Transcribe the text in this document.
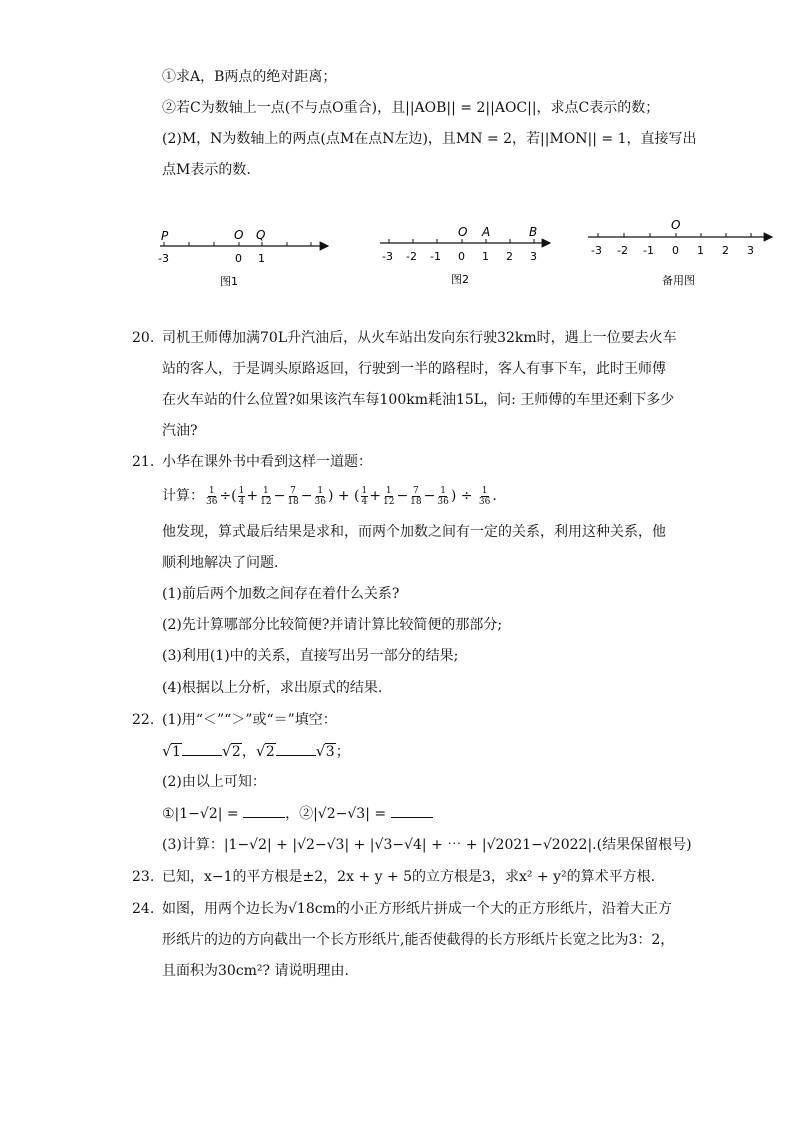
①求A，B两点的绝对距离；
②若C为数轴上一点(不与点O重合)，且||AOB|| = 2||AOC||，求点C表示的数；
(2)M，N为数轴上的两点(点M在点N左边)，且MN = 2，若||MON|| = 1，直接写出
点M表示的数.
P	O Q
-3	0 1
图1
O A	B
-3 -2 -1 0 1 2 3
图2
O
-3 -2 -1 0 1 2 3
备用图
20. 司机王师傅加满70L升汽油后，从火车站出发向东行驶32km时，遇上一位要去火车
站的客人，于是调头原路返回，行驶到一半的路程时，客人有事下车，此时王师傅
在火车站的什么位置?如果该汽车每100km耗油15L，问: 王师傅的车里还剩下多少
汽油?
21. 小华在课外书中看到这样一道题：
计算： $\frac{1}{36}$ ÷( $\frac{1}{4} + \frac{1}{12} - \frac{7}{18} - \frac{1}{36}$ ) + ( $\frac{1}{4} + \frac{1}{12} - \frac{7}{18} - \frac{1}{36}$ ) ÷ $\frac{1}{36}$ .
他发现，算式最后结果是求和，而两个加数之间有一定的关系，利用这种关系，他
顺利地解决了问题.
(1)前后两个加数之间存在着什么关系?
(2)先计算哪部分比较简便?并请计算比较简便的那部分;
(3)利用(1)中的关系，直接写出另一部分的结果;
(4)根据以上分析，求出原式的结果.
22. (1)用“＜”“＞”或“＝”填空：
√ 1	√ 2， √ 2	√ 3；
(2)由以上可知：
①|1−√2| =	，②|√2−√3| =
(3)计算：|1−√2| + |√2−√3| + |√3−√4| + ⋯ + |√2021−√2022|.(结果保留根号)
23. 已知，x−1的平方根是±2，2x + y + 5的立方根是3，求x² + y²的算术平方根.
24. 如图，用两个边长为√18cm的小正方形纸片拼成一个大的正方形纸片，沿着大正方
形纸片的边的方向截出一个长方形纸片,能否使截得的长方形纸片长宽之比为3：2，
且面积为30cm²? 请说明理由.
